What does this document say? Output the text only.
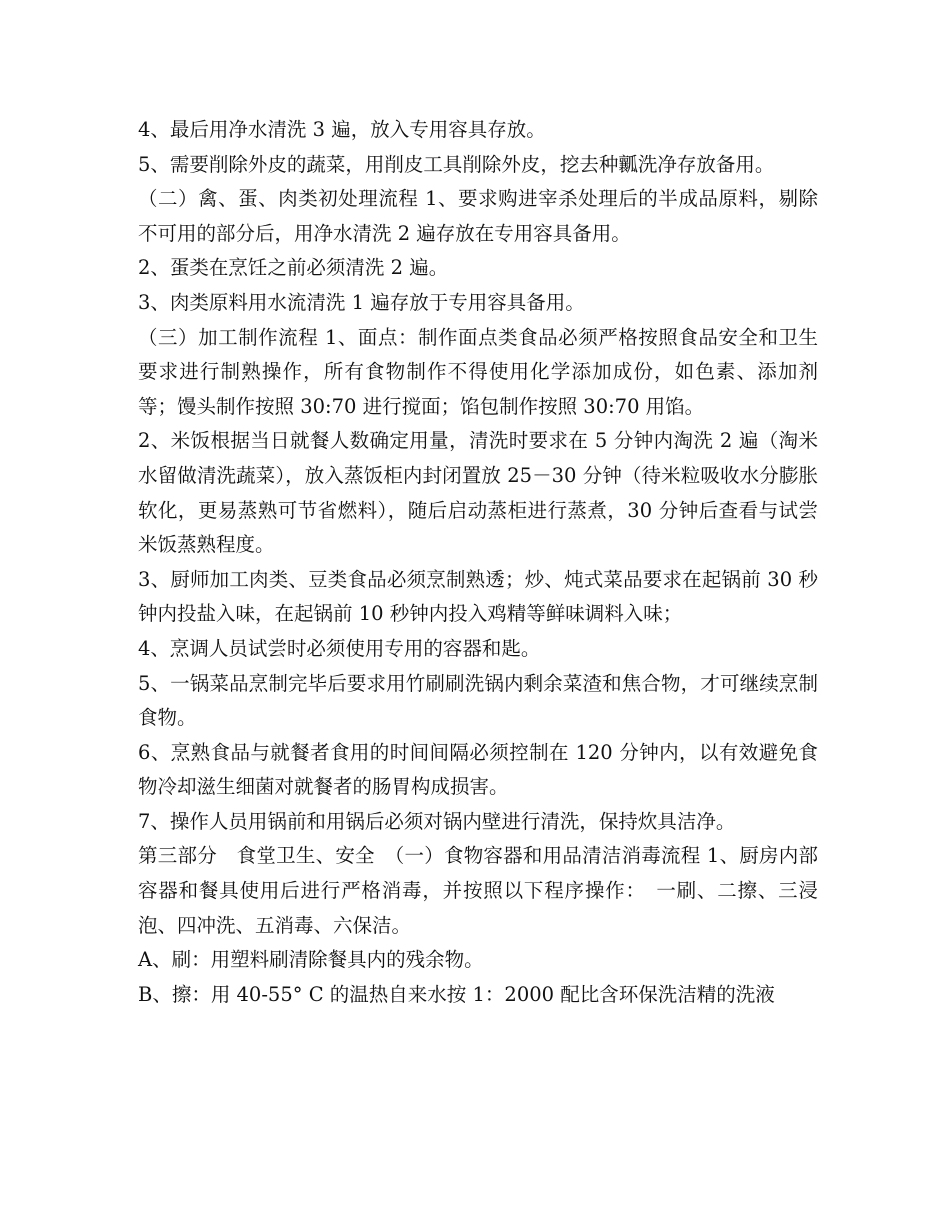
4、最后用净水清洗 3 遍，放入专用容具存放。

5、需要削除外皮的蔬菜，用削皮工具削除外皮，挖去种瓤洗净存放备用。

（二）禽、蛋、肉类初处理流程 1、要求购进宰杀处理后的半成品原料，剔除不可用的部分后，用净水清洗 2 遍存放在专用容具备用。

2、蛋类在烹饪之前必须清洗 2 遍。

3、肉类原料用水流清洗 1 遍存放于专用容具备用。

（三）加工制作流程 1、面点：制作面点类食品必须严格按照食品安全和卫生要求进行制熟操作，所有食物制作不得使用化学添加成份，如色素、添加剂等；馒头制作按照 30:70 进行搅面；馅包制作按照 30:70 用馅。

2、米饭根据当日就餐人数确定用量，清洗时要求在 5 分钟内淘洗 2 遍（淘米水留做清洗蔬菜），放入蒸饭柜内封闭置放 25－30 分钟（待米粒吸收水分膨胀软化，更易蒸熟可节省燃料），随后启动蒸柜进行蒸煮，30 分钟后查看与试尝米饭蒸熟程度。

3、厨师加工肉类、豆类食品必须烹制熟透；炒、炖式菜品要求在起锅前 30 秒钟内投盐入味，在起锅前 10 秒钟内投入鸡精等鲜味调料入味；

4、烹调人员试尝时必须使用专用的容器和匙。

5、一锅菜品烹制完毕后要求用竹刷刷洗锅内剩余菜渣和焦合物，才可继续烹制食物。

6、烹熟食品与就餐者食用的时间间隔必须控制在 120 分钟内，以有效避免食物冷却滋生细菌对就餐者的肠胃构成损害。

7、操作人员用锅前和用锅后必须对锅内壁进行清洗，保持炊具洁净。

第三部分　食堂卫生、安全　（一）食物容器和用品清洁消毒流程 1、厨房内部容器和餐具使用后进行严格消毒，并按照以下程序操作：　一刷、二擦、三浸泡、四冲洗、五消毒、六保洁。

A、刷：用塑料刷清除餐具内的残余物。

B、擦：用 40-55° C 的温热自来水按 1：2000 配比含环保洗洁精的洗液
